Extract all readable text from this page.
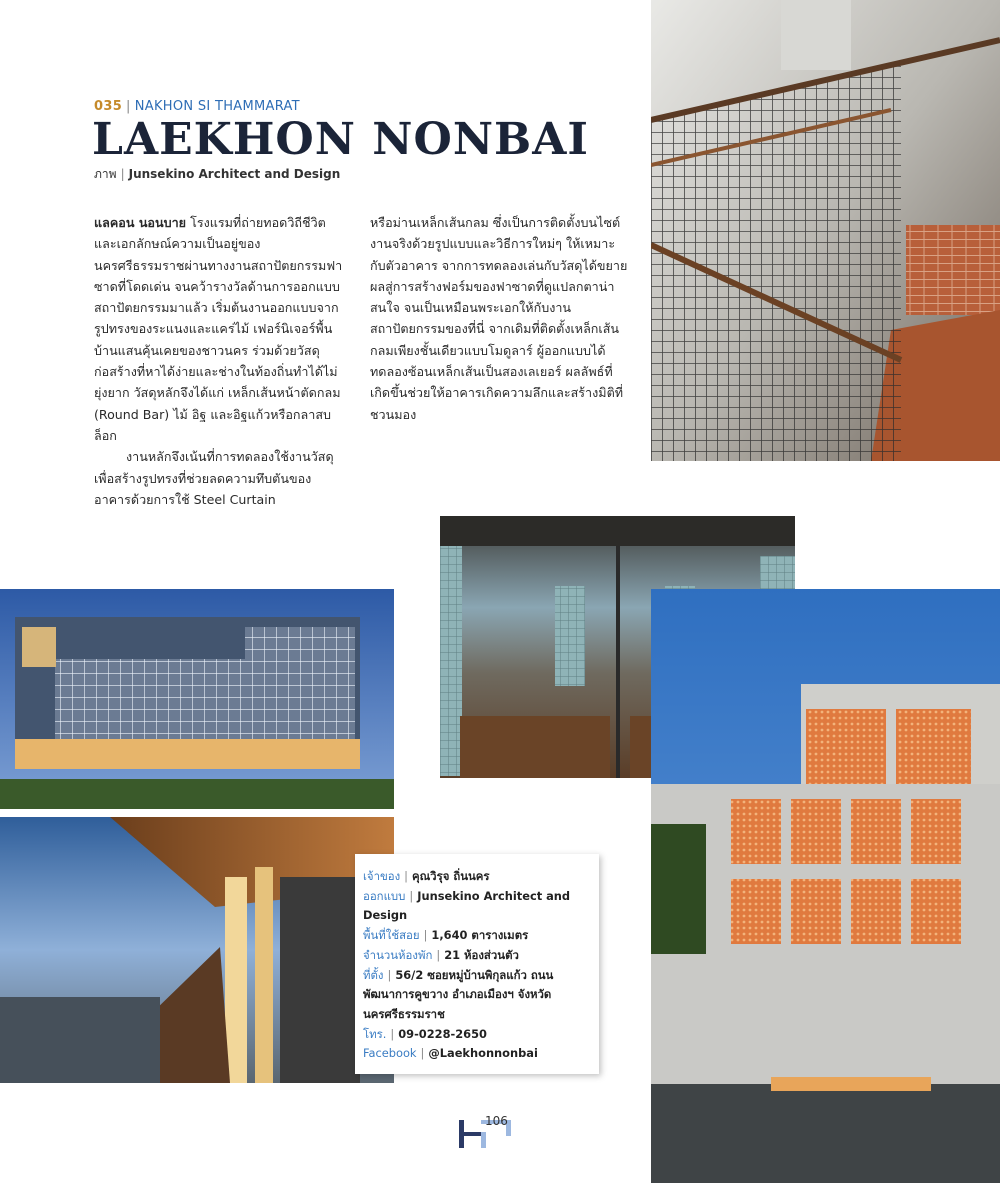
035 | NAKHON SI THAMMARAT
LAEKHON NONBAI
ภาพ | Junsekino Architect and Design

แลคอน นอนบาย โรงแรมที่ถ่ายทอดวิถีชีวิตและเอกลักษณ์ความเป็นอยู่ของนครศรีธรรมราชผ่านทางงานสถาปัตยกรรมฟาซาดที่โดดเด่น จนคว้ารางวัลด้านการออกแบบสถาปัตยกรรมมาแล้ว เริ่มต้นงานออกแบบจากรูปทรงของระแนงและแคร่ไม้ เฟอร์นิเจอร์พื้นบ้านแสนคุ้นเคยของชาวนคร ร่วมด้วยวัสดุก่อสร้างที่หาได้ง่ายและช่างในท้องถิ่นทำได้ไม่ยุ่งยาก วัสดุหลักจึงได้แก่ เหล็กเส้นหน้าตัดกลม (Round Bar) ไม้ อิฐ และอิฐแก้วหรือกลาสบล็อก

งานหลักจึงเน้นที่การทดลองใช้งานวัสดุเพื่อสร้างรูปทรงที่ช่วยลดความทึบตันของอาคารด้วยการใช้ Steel Curtain

หรือม่านเหล็กเส้นกลม ซึ่งเป็นการติดตั้งบนไซต์งานจริงด้วยรูปแบบและวิธีการใหม่ๆ ให้เหมาะกับตัวอาคาร จากการทดลองเล่นกับวัสดุได้ขยายผลสู่การสร้างฟอร์มของฟาซาดที่ดูแปลกตาน่าสนใจ จนเป็นเหมือนพระเอกให้กับงานสถาปัตยกรรมของที่นี่ จากเดิมที่ติดตั้งเหล็กเส้นกลมเพียงชั้นเดียวแบบโมดูลาร์ ผู้ออกแบบได้ทดลองซ้อนเหล็กเส้นเป็นสองเลเยอร์ ผลลัพธ์ที่เกิดขึ้นช่วยให้อาคารเกิดความลึกและสร้างมิติที่ชวนมอง

เจ้าของ | คุณวิรุจ ถิ่นนคร

ออกแบบ | Junsekino Architect and Design

พื้นที่ใช้สอย | 1,640 ตารางเมตร

จำนวนห้องพัก | 21 ห้องส่วนตัว

ที่ตั้ง | 56/2 ซอยหมู่บ้านพิกุลแก้ว ถนนพัฒนาการคูขวาง อำเภอเมืองฯ จังหวัดนครศรีธรรมราช

โทร. | 09-0228-2650

Facebook | @Laekhonnonbai

106
